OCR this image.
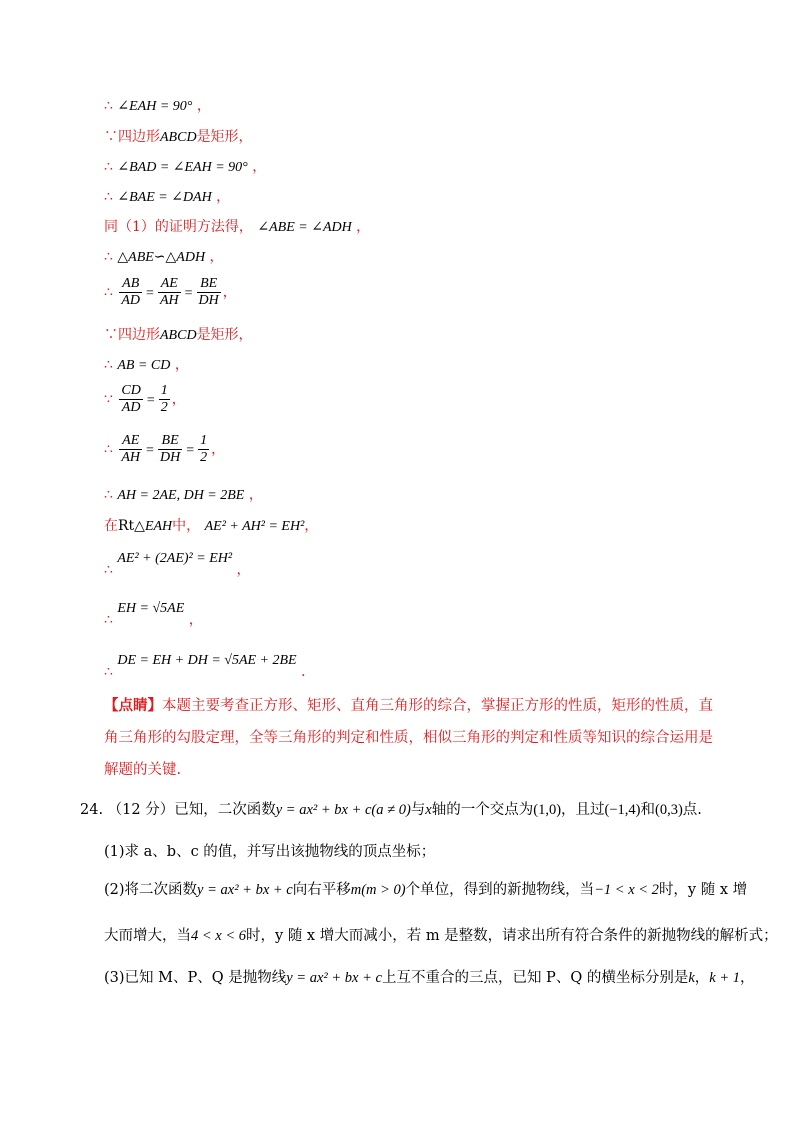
∴ ∠EAH = 90° ，
∵四边形ABCD是矩形，
∴ ∠BAD = ∠EAH = 90° ，
∴ ∠BAE = ∠DAH ，
同（1）的证明方法得， ∠ABE = ∠ADH ，
∴ △ABE∽△ADH ，
∴ $\frac{AB}{AD} = \frac{AE}{AH} = \frac{BE}{DH}$ ，
∵四边形ABCD是矩形，
∴ AB = CD ，
∵ $\frac{CD}{AD} = \frac{1}{2}$ ，
∴ $\frac{AE}{AH} = \frac{BE}{DH} = \frac{1}{2}$ ，
∴ AH = 2AE, DH = 2BE ，
在Rt△EAH中， AE² + AH² = EH²，
∴ AE² + (2AE)² = EH² ，
∴ EH = √5AE ，
∴ DE = EH + DH = √5AE + 2BE ．
【点睛】本题主要考查正方形、矩形、直角三角形的综合，掌握正方形的性质，矩形的性质，直角三角形的勾股定理，全等三角形的判定和性质，相似三角形的判定和性质等知识的综合运用是解题的关键.
24. （12 分）已知，二次函数y = ax² + bx + c(a ≠ 0)与x轴的一个交点为(1,0)，且过(−1,4)和(0,3)点.
(1)求 a、b、c 的值，并写出该抛物线的顶点坐标；
(2)将二次函数y = ax² + bx + c向右平移m(m > 0)个单位，得到的新抛物线，当−1 < x < 2时，y 随 x 增
大而增大，当4 < x < 6时，y 随 x 增大而减小，若 m 是整数，请求出所有符合条件的新抛物线的解析式；
(3)已知 M、P、Q 是抛物线y = ax² + bx + c上互不重合的三点，已知 P、Q 的横坐标分别是k，k + 1，
